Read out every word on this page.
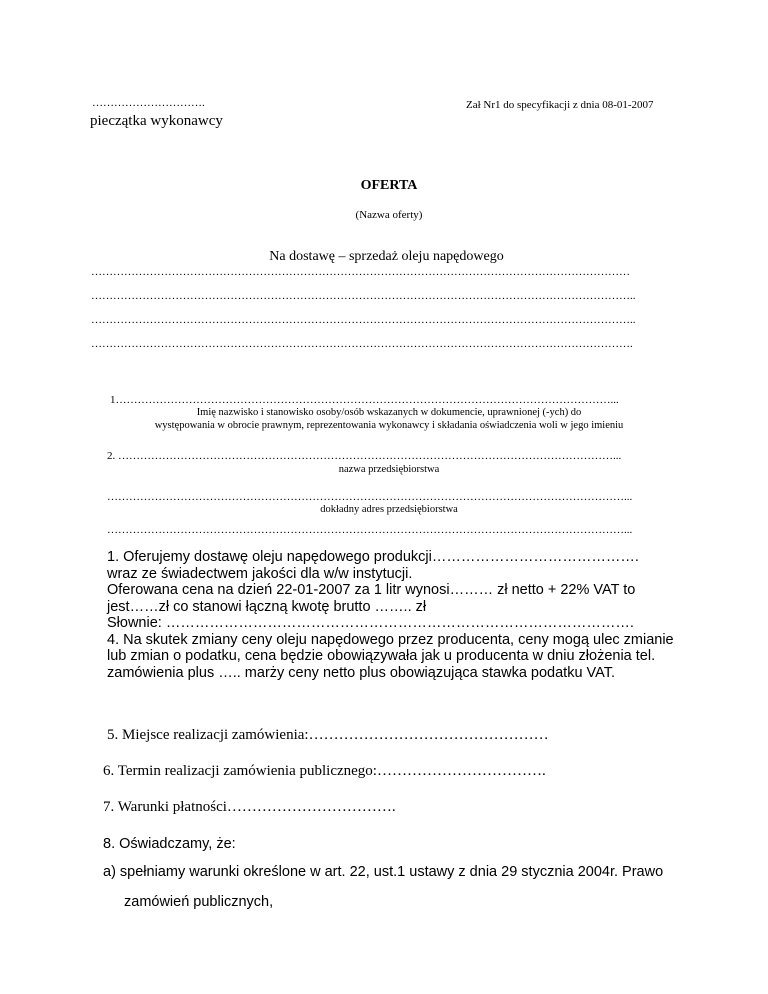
………………………….
pieczątka wykonawcy
Zał Nr1 do specyfikacji z dnia 08-01-2007
OFERTA
(Nazwa oferty)
Na dostawę – sprzedaż oleju napędowego
…………………………………………………………………………………………………………………………………
…………………………………………………………………………………………………………………………………..
…………………………………………………………………………………………………………………………………..
………………………………………………………………………………………………………………………………….
1………………………………………………………………………………………………………………………...
Imię nazwisko i stanowisko osoby/osób wskazanych w dokumencie, uprawnionej (-ych) do
występowania w obrocie prawnym, reprezentowania wykonawcy i składania oświadczenia woli w jego imieniu
2. ………………………………………………………………………………………………………………………...
nazwa przedsiębiorstwa
……………………………………………………………………………………………………………………………...
dokładny adres przedsiębiorstwa
……………………………………………………………………………………………………………………………...
1. Oferujemy dostawę oleju napędowego produkcji…………………………………….
wraz ze świadectwem jakości dla w/w instytucji.
Oferowana cena na dzień 22-01-2007 za 1 litr wynosi……… zł netto + 22% VAT to
jest……zł co stanowi łączną kwotę brutto …….. zł
Słownie: …………………………………………………………………………………….
4. Na skutek zmiany ceny oleju napędowego przez producenta, ceny mogą ulec zmianie
lub zmian o podatku, cena będzie obowiązywała jak u producenta w dniu złożenia tel.
zamówienia plus ….. marży ceny netto plus obowiązująca stawka podatku VAT.
5. Miejsce realizacji zamówienia:…………………………………………
6. Termin realizacji zamówienia publicznego:…………………………….
7. Warunki płatności…………………………….
8. Oświadczamy, że:
a) spełniamy warunki określone w art. 22, ust.1 ustawy z dnia 29 stycznia 2004r. Prawo
zamówień publicznych,
